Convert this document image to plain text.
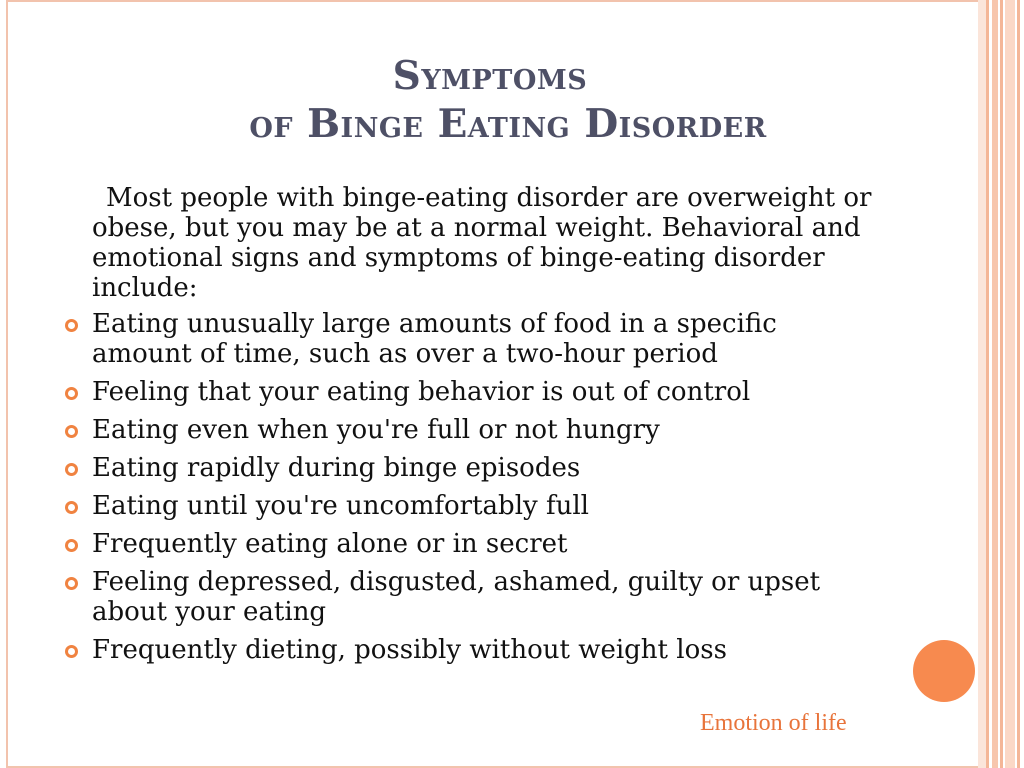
Symptoms
of Binge Eating Disorder

Most people with binge-eating disorder are overweight or obese, but you may be at a normal weight. Behavioral and emotional signs and symptoms of binge-eating disorder include:

Eating unusually large amounts of food in a specific amount of time, such as over a two-hour period
Feeling that your eating behavior is out of control
Eating even when you're full or not hungry
Eating rapidly during binge episodes
Eating until you're uncomfortably full
Frequently eating alone or in secret
Feeling depressed, disgusted, ashamed, guilty or upset about your eating
Frequently dieting, possibly without weight loss
Emotion of life
